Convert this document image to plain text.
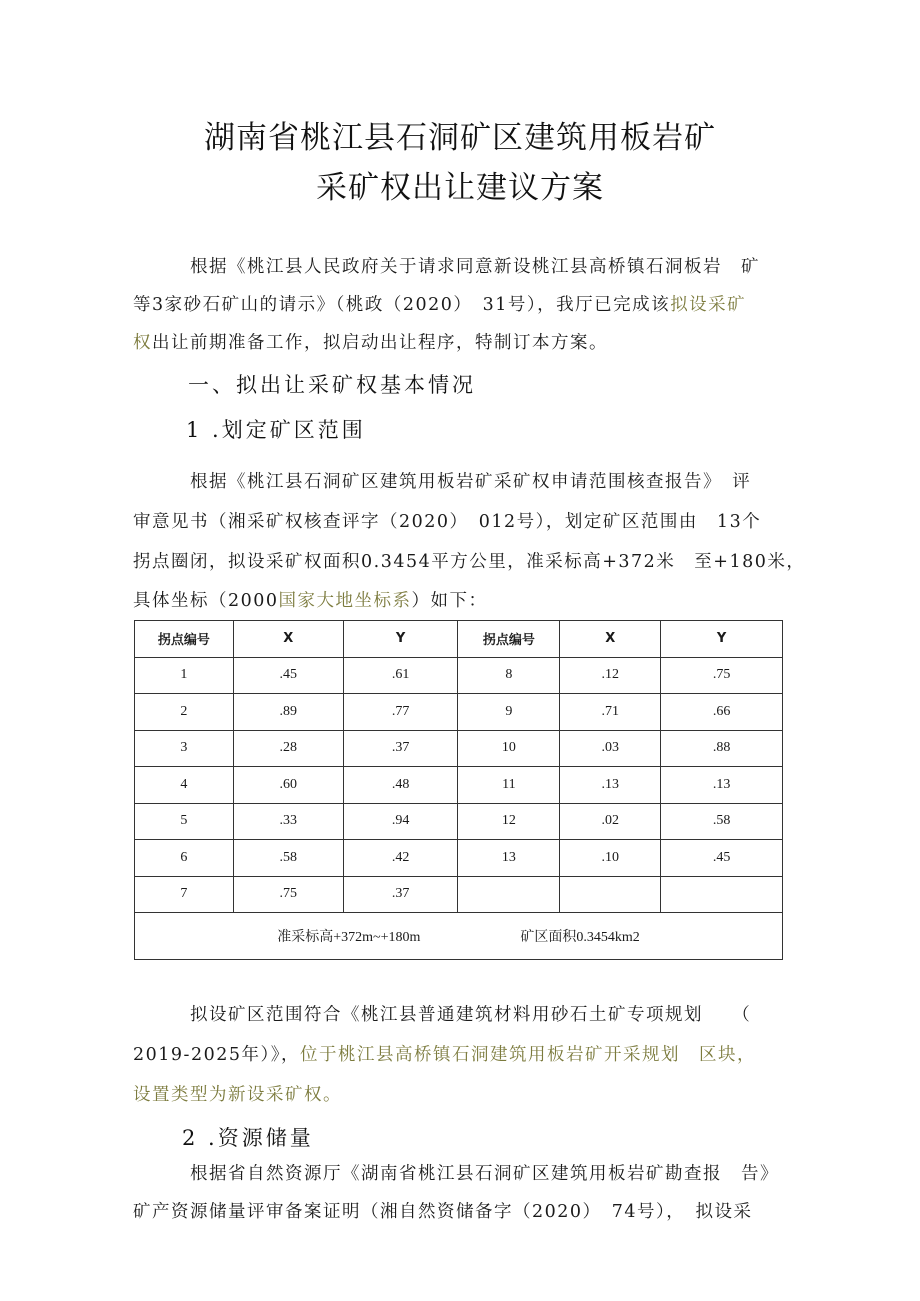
湖南省桃江县石洞矿区建筑用板岩矿
采矿权出让建议方案
根据《桃江县人民政府关于请求同意新设桃江县高桥镇石洞板岩　矿
等3家砂石矿山的请示》（桃政（2020）　31号），我厅已完成该拟设采矿
权出让前期准备工作，拟启动出让程序，特制订本方案。
一、拟出让采矿权基本情况
1 .划定矿区范围
根据《桃江县石洞矿区建筑用板岩矿采矿权申请范围核查报告》　评
审意见书（湘采矿权核查评字（2020）　012号），划定矿区范围由　13个
拐点圈闭，拟设采矿权面积0.3454平方公里，准采标高+372米　至+180米，
具体坐标（2000国家大地坐标系）如下：
拐点编号	X	Y	拐点编号	X	Y
1	.45	.61	8	.12	.75
2	.89	.77	9	.71	.66
3	.28	.37	10	.03	.88
4	.60	.48	11	.13	.13
5	.33	.94	12	.02	.58
6	.58	.42	13	.10	.45
7	.75	.37			
准采标高+372m~+180m 矿区面积0.3454km2					
拟设矿区范围符合《桃江县普通建筑材料用砂石土矿专项规划　　（
2019-2025年）》，位于桃江县高桥镇石洞建筑用板岩矿开采规划　区块，
设置类型为新设采矿权。
2 .资源储量
根据省自然资源厅《湖南省桃江县石洞矿区建筑用板岩矿勘查报　告》
矿产资源储量评审备案证明（湘自然资储备字（2020）　74号），　拟设采
